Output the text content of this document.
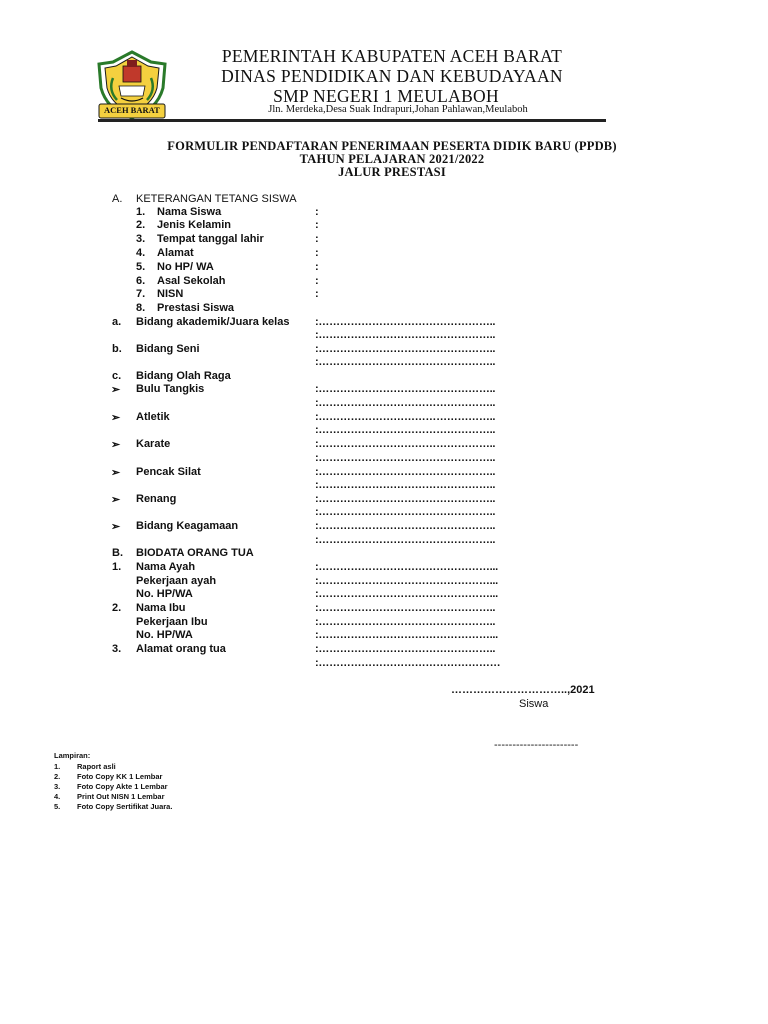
ACEH BARAT
PEMERINTAH KABUPATEN ACEH BARAT
DINAS PENDIDIKAN DAN KEBUDAYAAN
SMP NEGERI 1 MEULABOH
Jln. Merdeka,Desa Suak Indrapuri,Johan Pahlawan,Meulaboh
FORMULIR PENDAFTARAN PENERIMAAN PESERTA DIDIK BARU (PPDB)
TAHUN PELAJARAN 2021/2022
JALUR PRESTASI
A. KETERANGAN TETANG SISWA
1. Nama Siswa	:
2. Jenis Kelamin	:
3. Tempat tanggal lahir	:
4. Alamat	:
5. No HP/ WA	:
6. Asal Sekolah	:
7. NISN	:
8. Prestasi Siswa
a. Bidang akademik/Juara kelas :…………………………………………..
:…………………………………………..
b. Bidang Seni	:…………………………………………..
:…………………………………………..
c. Bidang Olah Raga
➢ Bulu Tangkis	:…………………………………………..
:…………………………………………..
➢ Atletik	:…………………………………………..
:…………………………………………..
➢ Karate	:…………………………………………..
:…………………………………………..
➢ Pencak Silat	:…………………………………………..
:…………………………………………..
➢ Renang	:…………………………………………..
:…………………………………………..
➢ Bidang Keagamaan	:…………………………………………..
:…………………………………………..
B. BIODATA ORANG TUA
1. Nama Ayah	:…………………………………………...
Pekerjaan ayah	:…………………………………………...
No. HP/WA	:…………………………………………...
2. Nama Ibu	:…………………………………………..
Pekerjaan Ibu	:…………………………………………..
No. HP/WA	:…………………………………………...
3. Alamat orang tua	:…………………………………………..
:……………………………………………
…………………………..,2021
Siswa
-----------------------
Lampiran:
1. Raport asli
2. Foto Copy KK 1 Lembar
3. Foto Copy Akte 1 Lembar
4. Print Out NISN 1 Lembar
5. Foto Copy Sertifikat Juara.
